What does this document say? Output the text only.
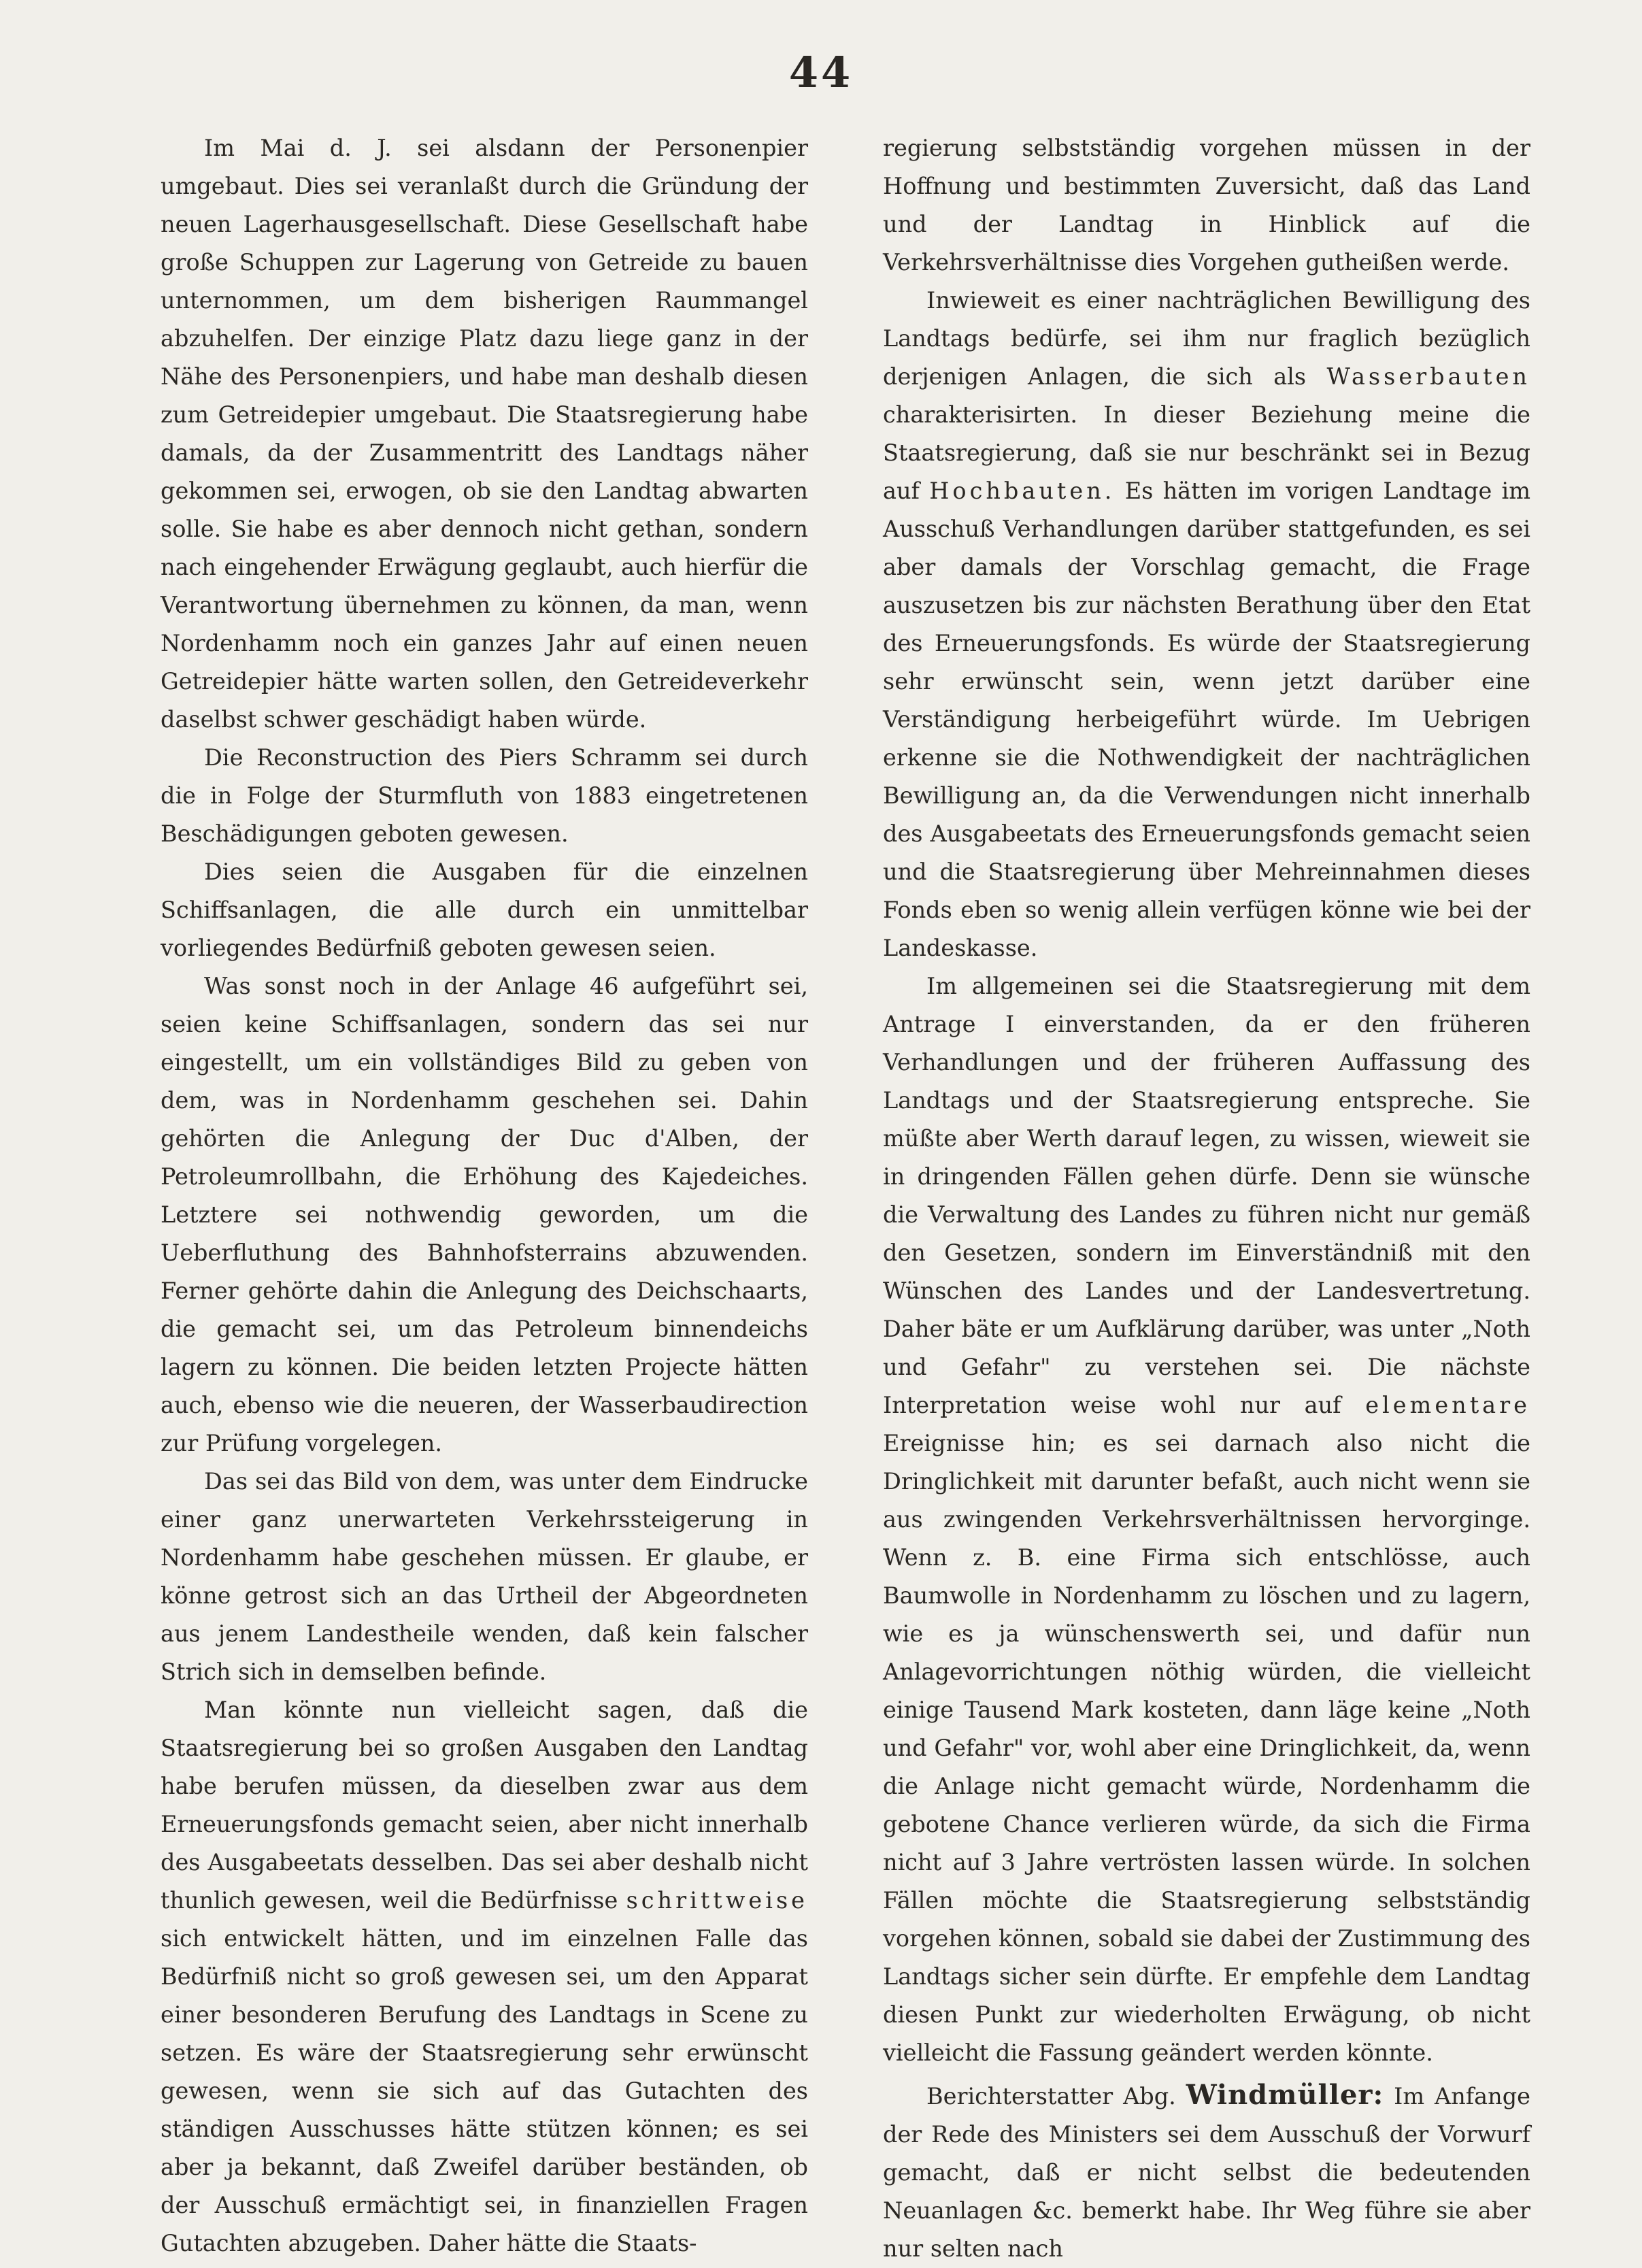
44

Im Mai d. J. sei alsdann der Personenpier umgebaut. Dies sei veranlaßt durch die Gründung der neuen Lagerhausgesellschaft. Diese Gesellschaft habe große Schuppen zur Lagerung von Getreide zu bauen unternommen, um dem bisherigen Raummangel abzuhelfen. Der einzige Platz dazu liege ganz in der Nähe des Personenpiers, und habe man deshalb diesen zum Getreidepier umgebaut. Die Staatsregierung habe damals, da der Zusammentritt des Landtags näher gekommen sei, erwogen, ob sie den Landtag abwarten solle. Sie habe es aber dennoch nicht gethan, sondern nach eingehender Erwägung geglaubt, auch hierfür die Verantwortung übernehmen zu können, da man, wenn Nordenhamm noch ein ganzes Jahr auf einen neuen Getreidepier hätte warten sollen, den Getreideverkehr daselbst schwer geschädigt haben würde.

Die Reconstruction des Piers Schramm sei durch die in Folge der Sturmfluth von 1883 eingetretenen Beschädigungen geboten gewesen.

Dies seien die Ausgaben für die einzelnen Schiffsanlagen, die alle durch ein unmittelbar vorliegendes Bedürfniß geboten gewesen seien.

Was sonst noch in der Anlage 46 aufgeführt sei, seien keine Schiffsanlagen, sondern das sei nur eingestellt, um ein vollständiges Bild zu geben von dem, was in Nordenhamm geschehen sei. Dahin gehörten die Anlegung der Duc d'Alben, der Petroleumrollbahn, die Erhöhung des Kajedeiches. Letztere sei nothwendig geworden, um die Ueberfluthung des Bahnhofsterrains abzuwenden. Ferner gehörte dahin die Anlegung des Deichschaarts, die gemacht sei, um das Petroleum binnendeichs lagern zu können. Die beiden letzten Projecte hätten auch, ebenso wie die neueren, der Wasserbaudirection zur Prüfung vorgelegen.

Das sei das Bild von dem, was unter dem Eindrucke einer ganz unerwarteten Verkehrssteigerung in Nordenhamm habe geschehen müssen. Er glaube, er könne getrost sich an das Urtheil der Abgeordneten aus jenem Landestheile wenden, daß kein falscher Strich sich in demselben befinde.

Man könnte nun vielleicht sagen, daß die Staatsregierung bei so großen Ausgaben den Landtag habe berufen müssen, da dieselben zwar aus dem Erneuerungsfonds gemacht seien, aber nicht innerhalb des Ausgabeetats desselben. Das sei aber deshalb nicht thunlich gewesen, weil die Bedürfnisse schrittweise sich entwickelt hätten, und im einzelnen Falle das Bedürfniß nicht so groß gewesen sei, um den Apparat einer besonderen Berufung des Landtags in Scene zu setzen. Es wäre der Staatsregierung sehr erwünscht gewesen, wenn sie sich auf das Gutachten des ständigen Ausschusses hätte stützen können; es sei aber ja bekannt, daß Zweifel darüber beständen, ob der Ausschuß ermächtigt sei, in finanziellen Fragen Gutachten abzugeben. Daher hätte die Staats-

regierung selbstständig vorgehen müssen in der Hoffnung und bestimmten Zuversicht, daß das Land und der Landtag in Hinblick auf die Verkehrsverhältnisse dies Vorgehen gutheißen werde.

Inwieweit es einer nachträglichen Bewilligung des Landtags bedürfe, sei ihm nur fraglich bezüglich derjenigen Anlagen, die sich als Wasserbauten charakterisirten. In dieser Beziehung meine die Staatsregierung, daß sie nur beschränkt sei in Bezug auf Hochbauten. Es hätten im vorigen Landtage im Ausschuß Verhandlungen darüber stattgefunden, es sei aber damals der Vorschlag gemacht, die Frage auszusetzen bis zur nächsten Berathung über den Etat des Erneuerungsfonds. Es würde der Staatsregierung sehr erwünscht sein, wenn jetzt darüber eine Verständigung herbeigeführt würde. Im Uebrigen erkenne sie die Nothwendigkeit der nachträglichen Bewilligung an, da die Verwendungen nicht innerhalb des Ausgabeetats des Erneuerungsfonds gemacht seien und die Staatsregierung über Mehreinnahmen dieses Fonds eben so wenig allein verfügen könne wie bei der Landeskasse.

Im allgemeinen sei die Staatsregierung mit dem Antrage I einverstanden, da er den früheren Verhandlungen und der früheren Auffassung des Landtags und der Staatsregierung entspreche. Sie müßte aber Werth darauf legen, zu wissen, wieweit sie in dringenden Fällen gehen dürfe. Denn sie wünsche die Verwaltung des Landes zu führen nicht nur gemäß den Gesetzen, sondern im Einverständniß mit den Wünschen des Landes und der Landesvertretung. Daher bäte er um Aufklärung darüber, was unter „Noth und Gefahr" zu verstehen sei. Die nächste Interpretation weise wohl nur auf elementare Ereignisse hin; es sei darnach also nicht die Dringlichkeit mit darunter befaßt, auch nicht wenn sie aus zwingenden Verkehrsverhältnissen hervorginge. Wenn z. B. eine Firma sich entschlösse, auch Baumwolle in Nordenhamm zu löschen und zu lagern, wie es ja wünschenswerth sei, und dafür nun Anlagevorrichtungen nöthig würden, die vielleicht einige Tausend Mark kosteten, dann läge keine „Noth und Gefahr" vor, wohl aber eine Dringlichkeit, da, wenn die Anlage nicht gemacht würde, Nordenhamm die gebotene Chance verlieren würde, da sich die Firma nicht auf 3 Jahre vertrösten lassen würde. In solchen Fällen möchte die Staatsregierung selbstständig vorgehen können, sobald sie dabei der Zustimmung des Landtags sicher sein dürfte. Er empfehle dem Landtag diesen Punkt zur wiederholten Erwägung, ob nicht vielleicht die Fassung geändert werden könnte.

Berichterstatter Abg. Windmüller: Im Anfange der Rede des Ministers sei dem Ausschuß der Vorwurf gemacht, daß er nicht selbst die bedeutenden Neuanlagen &c. bemerkt habe. Ihr Weg führe sie aber nur selten nach
